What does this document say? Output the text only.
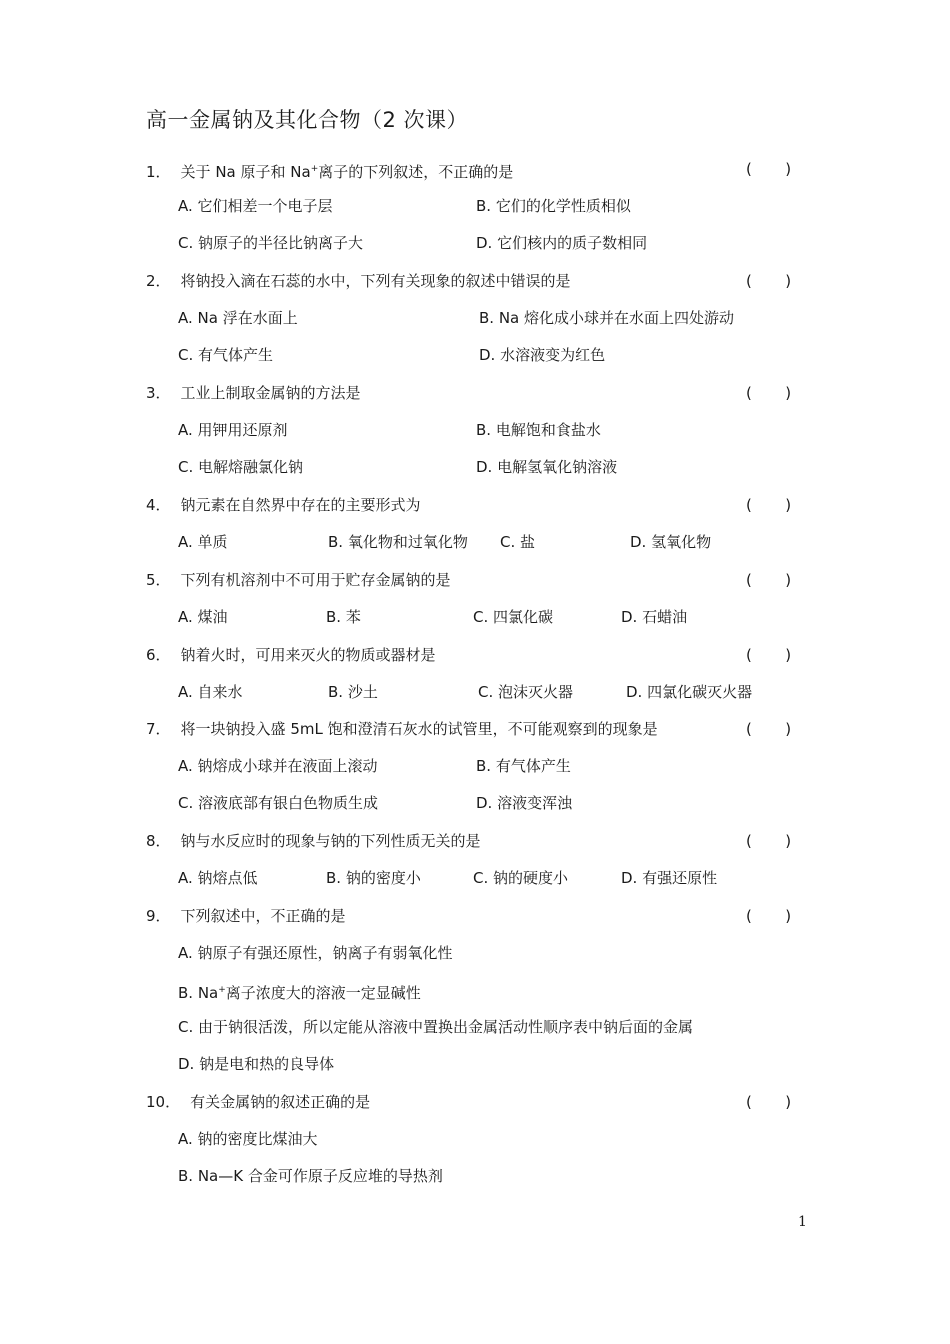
高一金属钠及其化合物（2 次课）
1． 关于 Na 原子和 Na+离子的下列叙述，不正确的是	(       )
A. 它们相差一个电子层	B. 它们的化学性质相似
C. 钠原子的半径比钠离子大	D. 它们核内的质子数相同
2． 将钠投入滴在石蕊的水中，下列有关现象的叙述中错误的是	(       )
A. Na 浮在水面上	B. Na 熔化成小球并在水面上四处游动
C. 有气体产生	D. 水溶液变为红色
3． 工业上制取金属钠的方法是	(       )
A. 用钾用还原剂	B. 电解饱和食盐水
C. 电解熔融氯化钠	D. 电解氢氧化钠溶液
4． 钠元素在自然界中存在的主要形式为	(       )
A. 单质	B. 氧化物和过氧化物 C. 盐	D. 氢氧化物
5． 下列有机溶剂中不可用于贮存金属钠的是	(       )
A. 煤油	B. 苯	C. 四氯化碳	D. 石蜡油
6． 钠着火时，可用来灭火的物质或器材是	(       )
A. 自来水	B. 沙土	C. 泡沫灭火器	D. 四氯化碳灭火器
7． 将一块钠投入盛 5mL 饱和澄清石灰水的试管里，不可能观察到的现象是	(       )
A. 钠熔成小球并在液面上滚动	B. 有气体产生
C. 溶液底部有银白色物质生成	D. 溶液变浑浊
8． 钠与水反应时的现象与钠的下列性质无关的是	(       )
A. 钠熔点低	B. 钠的密度小	C. 钠的硬度小	D. 有强还原性
9． 下列叙述中，不正确的是	(       )
A. 钠原子有强还原性，钠离子有弱氧化性
B. Na+离子浓度大的溶液一定显碱性
C. 由于钠很活泼，所以定能从溶液中置换出金属活动性顺序表中钠后面的金属
D. 钠是电和热的良导体
10． 有关金属钠的叙述正确的是	(       )
A. 钠的密度比煤油大
B. Na—K 合金可作原子反应堆的导热剂
1
